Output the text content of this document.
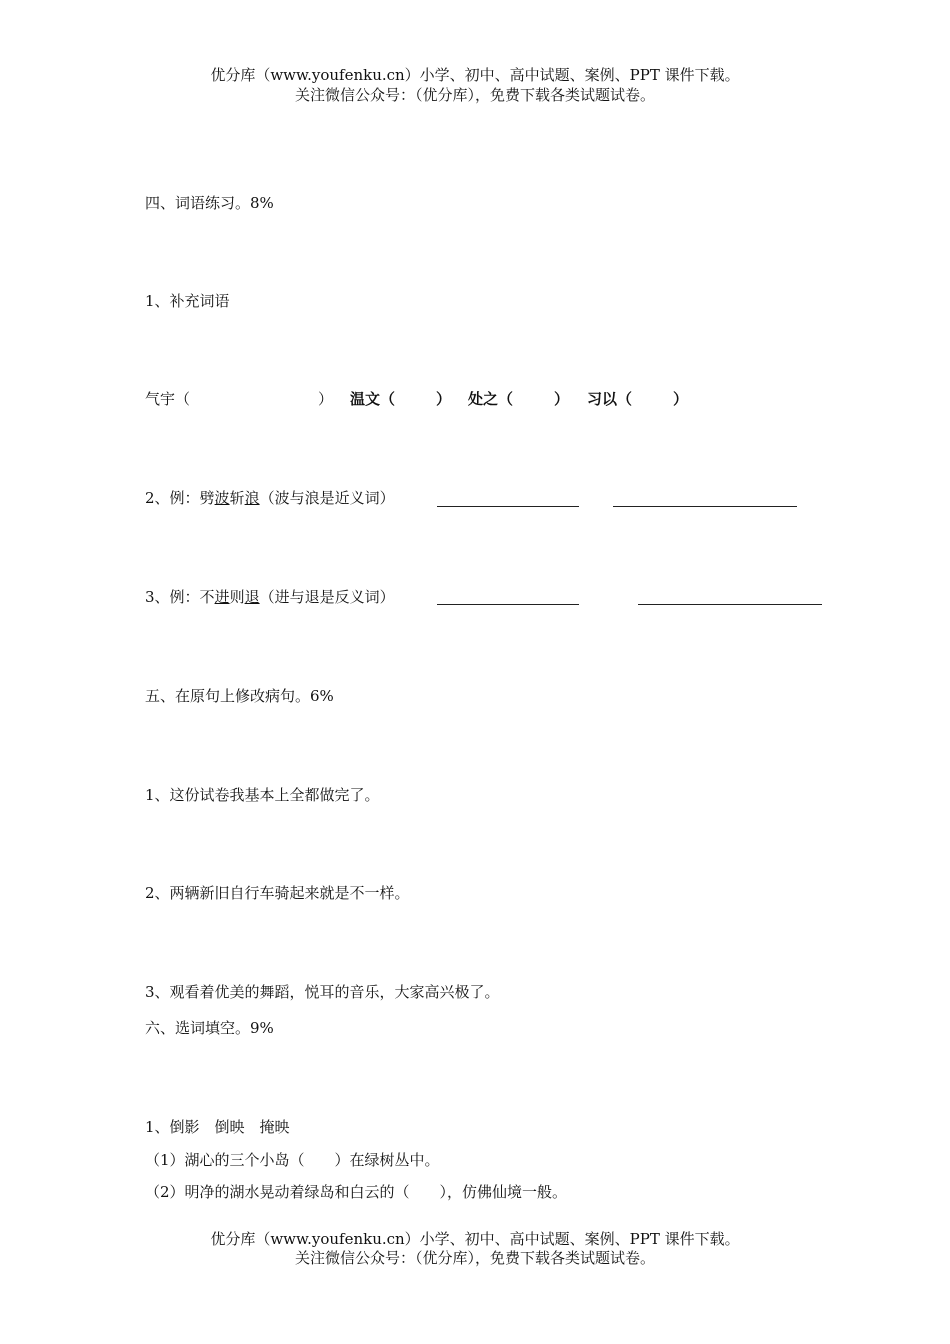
优分库（www.youfenku.cn）小学、初中、高中试题、案例、PPT 课件下载。
关注微信公众号：（优分库），免费下载各类试题试卷。
四、词语练习。8%
1、补充词语
气宇（	） 温文（	） 处之（	） 习以（	）
2、例：劈波斩浪（波与浪是近义词）
3、例：不进则退（进与退是反义词）
五、在原句上修改病句。6%
1、这份试卷我基本上全都做完了。
2、两辆新旧自行车骑起来就是不一样。
3、观看着优美的舞蹈，悦耳的音乐，大家高兴极了。
六、选词填空。9%
1、倒影　倒映　掩映
（1）湖心的三个小岛（　　）在绿树丛中。
（2）明净的湖水晃动着绿岛和白云的（　　），仿佛仙境一般。
优分库（www.youfenku.cn）小学、初中、高中试题、案例、PPT 课件下载。
关注微信公众号：（优分库），免费下载各类试题试卷。
